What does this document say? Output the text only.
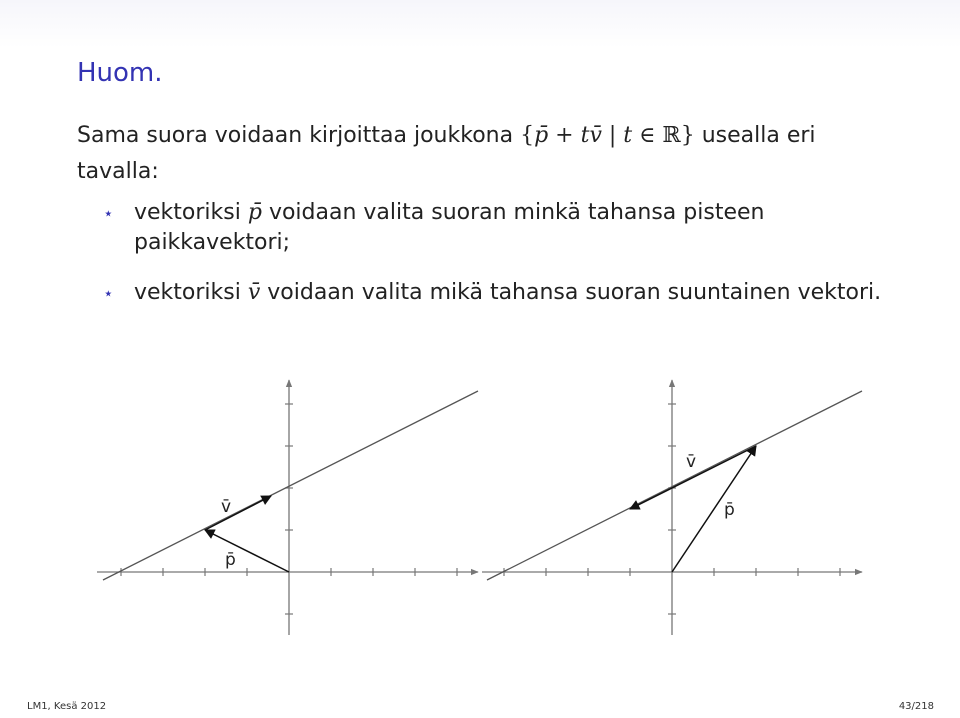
Huom.
Sama suora voidaan kirjoittaa joukkona {p̄ + tv̄ | t ∈ ℝ} usealla eri tavalla:
⋆ vektoriksi p̄ voidaan valita suoran minkä tahansa pisteen paikkavektori;
⋆ vektoriksi v̄ voidaan valita mikä tahansa suoran suuntainen vektori.
v̄
p̄
v̄
p̄
LM1, Kesä 2012	43/218
